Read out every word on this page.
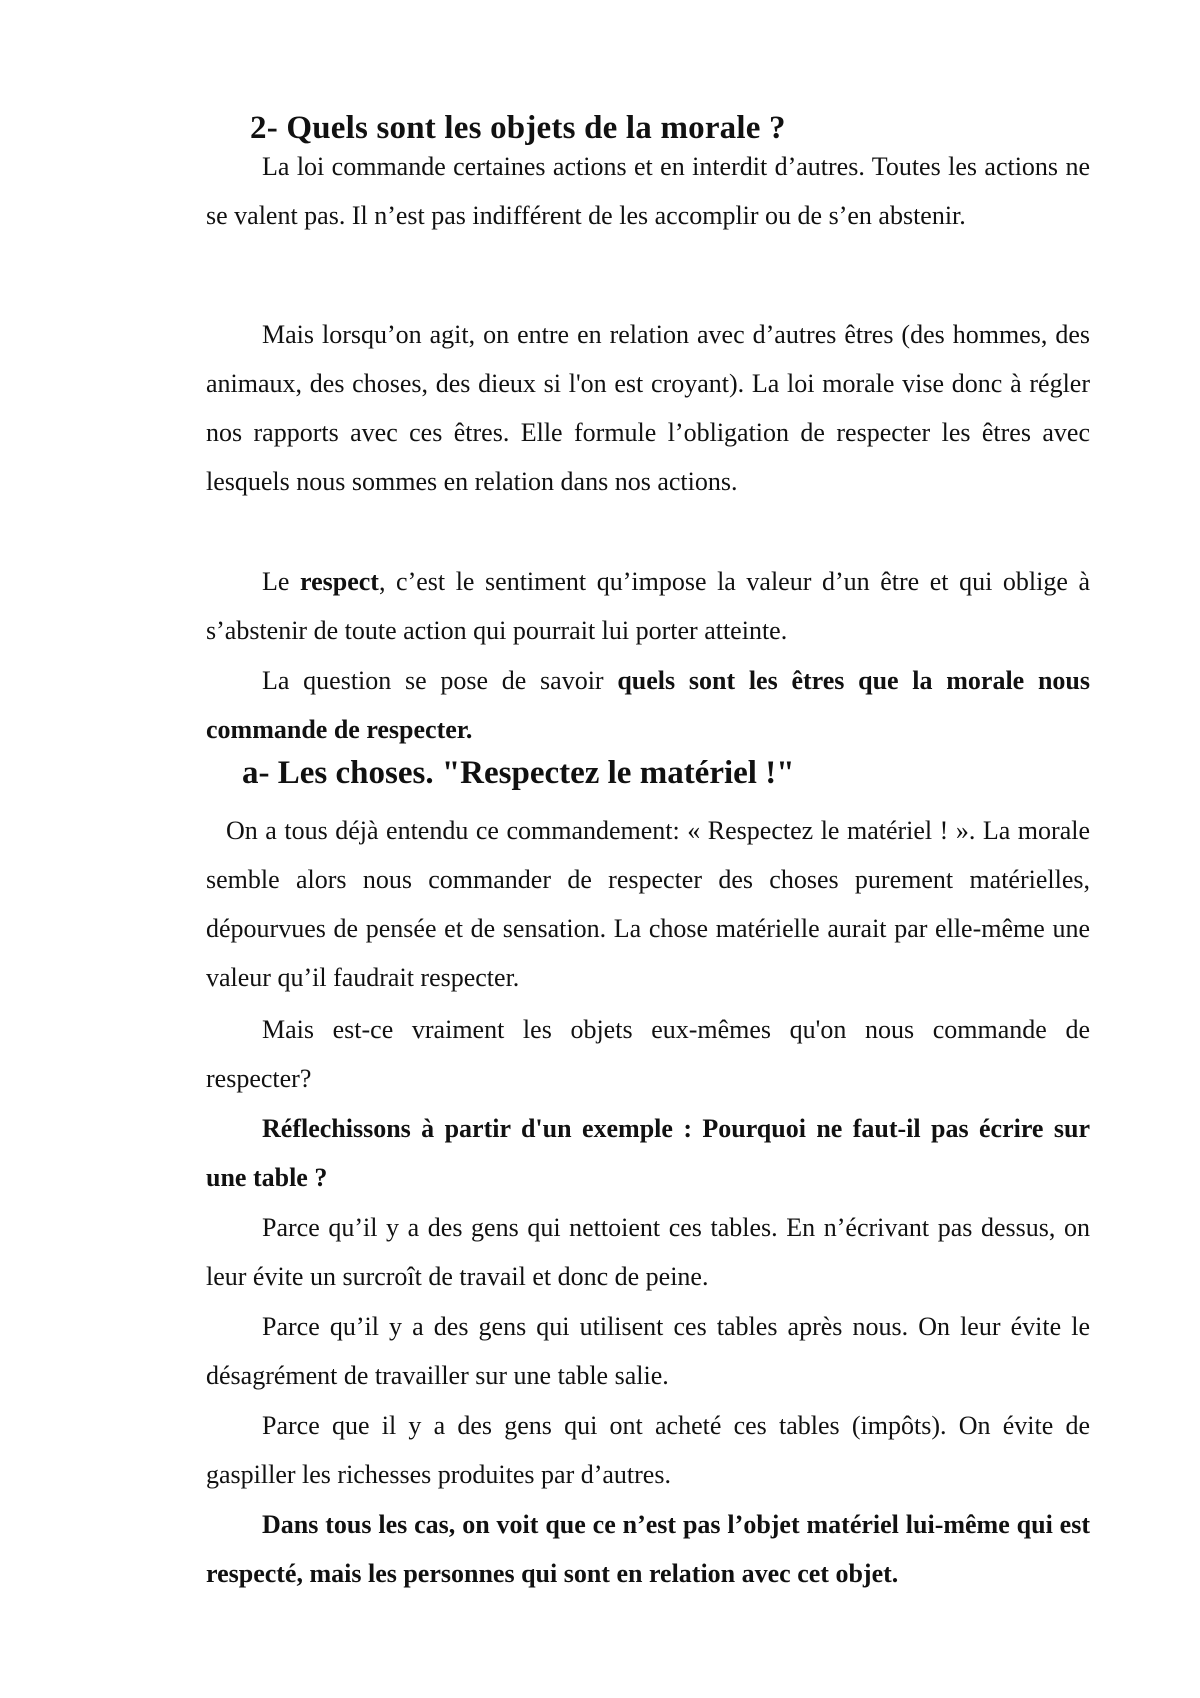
2- Quels sont les objets de la morale ?

La loi commande certaines actions et en interdit d’autres. Toutes les actions ne se valent pas. Il n’est pas indifférent de les accomplir ou de s’en abstenir.

Mais lorsqu’on agit, on entre en relation avec d’autres êtres (des hommes, des animaux, des choses, des dieux si l'on est croyant). La loi morale vise donc à régler nos rapports avec ces êtres. Elle formule l’obligation de respecter les êtres avec lesquels nous sommes en relation dans nos actions.

Le respect, c’est le sentiment qu’impose la valeur d’un être et qui oblige à s’abstenir de toute action qui pourrait lui porter atteinte.

La question se pose de savoir quels sont les êtres que la morale nous commande de respecter.

a- Les choses. "Respectez le matériel !"

On a tous déjà entendu ce commandement: « Respectez le matériel ! ». La morale semble alors nous commander de respecter des choses purement matérielles, dépourvues de pensée et de sensation. La chose matérielle aurait par elle-même une valeur qu’il faudrait respecter.

Mais est-ce vraiment les objets eux-mêmes qu'on nous commande de respecter?

Réflechissons à partir d'un exemple : Pourquoi ne faut-il pas écrire sur une table ?

Parce qu’il y a des gens qui nettoient ces tables. En n’écrivant pas dessus, on leur évite un surcroît de travail et donc de peine.

Parce qu’il y a des gens qui utilisent ces tables après nous. On leur évite le désagrément de travailler sur une table salie.

Parce que il y a des gens qui ont acheté ces tables (impôts). On évite de gaspiller les richesses produites par d’autres.

Dans tous les cas, on voit que ce n’est pas l’objet matériel lui-même qui est respecté, mais les personnes qui sont en relation avec cet objet.
